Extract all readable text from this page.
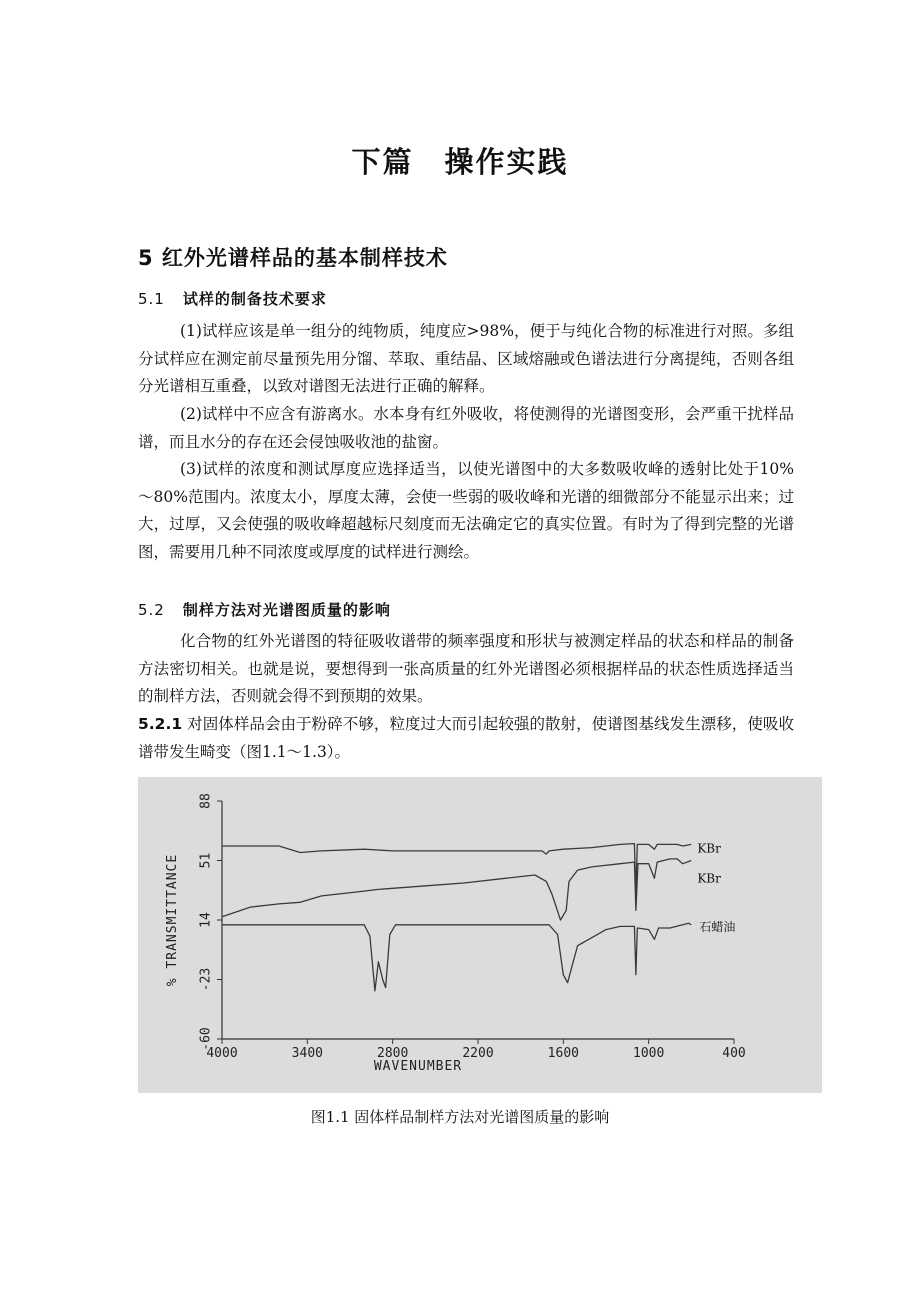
下篇　操作实践
5 红外光谱样品的基本制样技术
5.1 试样的制备技术要求

(1)试样应该是单一组分的纯物质，纯度应>98%，便于与纯化合物的标准进行对照。多组分试样应在测定前尽量预先用分馏、萃取、重结晶、区域熔融或色谱法进行分离提纯，否则各组分光谱相互重叠，以致对谱图无法进行正确的解释。

(2)试样中不应含有游离水。水本身有红外吸收，将使测得的光谱图变形，会严重干扰样品谱，而且水分的存在还会侵蚀吸收池的盐窗。

(3)试样的浓度和测试厚度应选择适当，以使光谱图中的大多数吸收峰的透射比处于10%～80%范围内。浓度太小，厚度太薄，会使一些弱的吸收峰和光谱的细微部分不能显示出来；过大，过厚，又会使强的吸收峰超越标尺刻度而无法确定它的真实位置。有时为了得到完整的光谱图，需要用几种不同浓度或厚度的试样进行测绘。

5.2 制样方法对光谱图质量的影响

化合物的红外光谱图的特征吸收谱带的频率强度和形状与被测定样品的状态和样品的制备方法密切相关。也就是说，要想得到一张高质量的红外光谱图必须根据样品的状态性质选择适当的制样方法，否则就会得不到预期的效果。

5.2.1 对固体样品会由于粉碎不够，粒度过大而引起较强的散射，使谱图基线发生漂移，使吸收谱带发生畸变（图1.1～1.3）。

4000	3400	2800	2200	1600	1000	400
88
51
14
-23
-60
WAVENUMBER
% TRANSMITTANCE
KBr
KBr
石蜡油
图1.1 固体样品制样方法对光谱图质量的影响
